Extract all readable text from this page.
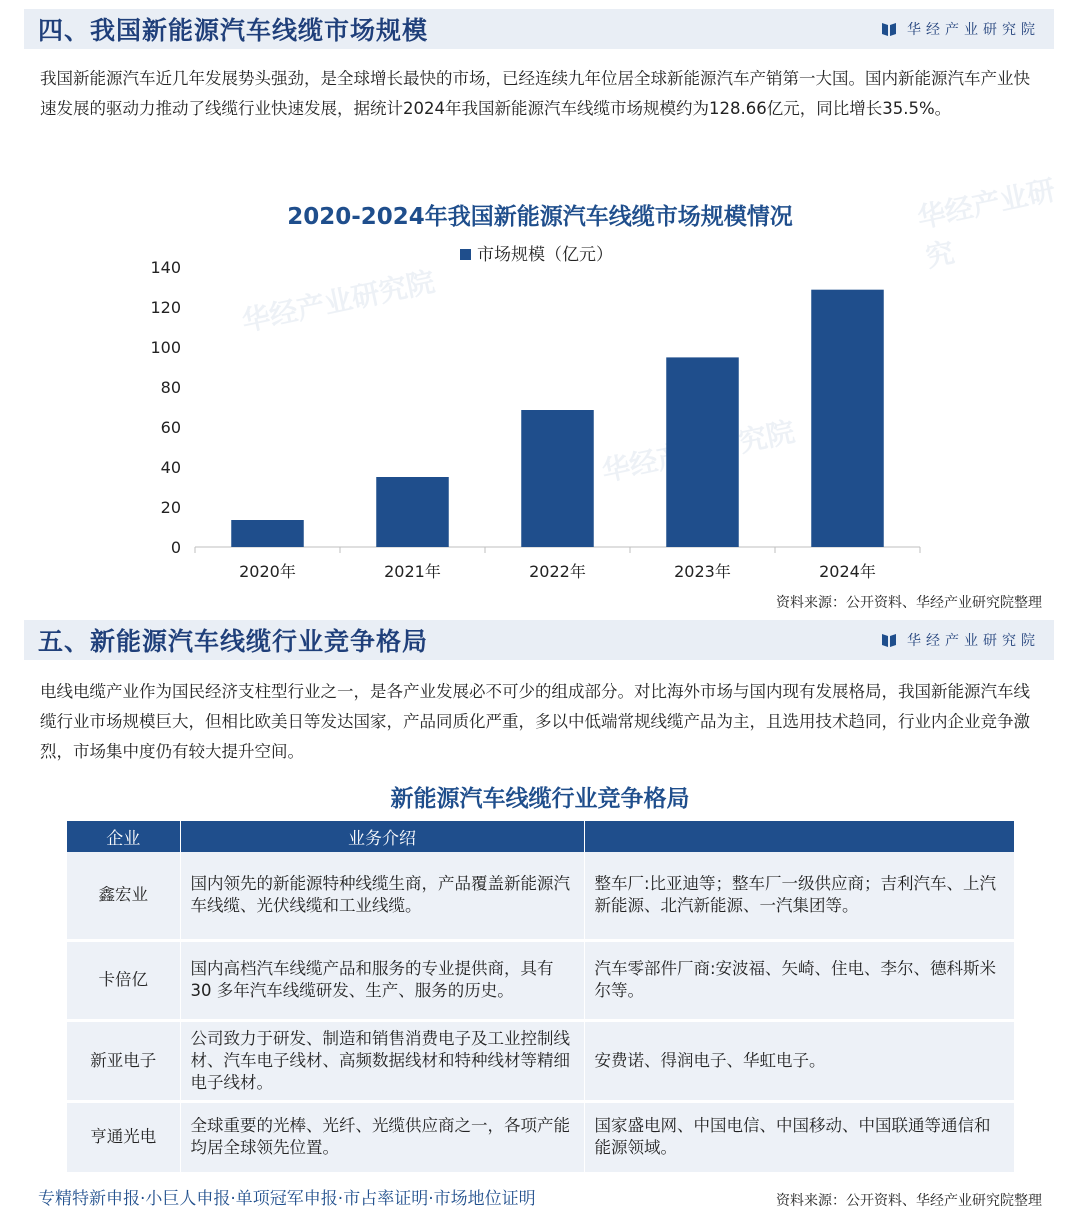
华经产业研究院
华经产业研究
四、我国新能源汽车线缆市场规模	华经产业研究院
我国新能源汽车近几年发展势头强劲，是全球增长最快的市场，已经连续九年位居全球新能源汽车产销第一大国。国内新能源汽车产业快速发展的驱动力推动了线缆行业快速发展，据统计2024年我国新能源汽车线缆市场规模约为128.66亿元，同比增长35.5%。
2020-2024年我国新能源汽车线缆市场规模情况
市场规模（亿元）
0
20
40
60
80
100
120
140
2020年	2021年	2022年	2023年	2024年
资料来源：公开资料、华经产业研究院整理
五、新能源汽车线缆行业竞争格局	华经产业研究院
电线电缆产业作为国民经济支柱型行业之一，是各产业发展必不可少的组成部分。对比海外市场与国内现有发展格局，我国新能源汽车线缆行业市场规模巨大，但相比欧美日等发达国家，产品同质化严重，多以中低端常规线缆产品为主，且选用技术趋同，行业内企业竞争激烈，市场集中度仍有较大提升空间。
新能源汽车线缆行业竞争格局
企业	业务介绍	
鑫宏业	国内领先的新能源特种线缆生商，产品覆盖新能源汽车线缆、光伏线缆和工业线缆。	整车厂:比亚迪等；整车厂一级供应商；吉利汽车、上汽新能源、北汽新能源、一汽集团等。
卡倍亿	国内高档汽车线缆产品和服务的专业提供商，具有 30 多年汽车线缆研发、生产、服务的历史。	汽车零部件厂商:安波福、矢崎、住电、李尔、德科斯米尔等。
新亚电子	公司致力于研发、制造和销售消费电子及工业控制线材、汽车电子线材、高频数据线材和特种线材等精细电子线材。	安费诺、得润电子、华虹电子。
亨通光电	全球重要的光棒、光纤、光缆供应商之一，各项产能均居全球领先位置。	国家盛电网、中国电信、中国移动、中国联通等通信和能源领域。
专精特新申报·小巨人申报·单项冠军申报·市占率证明·市场地位证明	资料来源：公开资料、华经产业研究院整理
